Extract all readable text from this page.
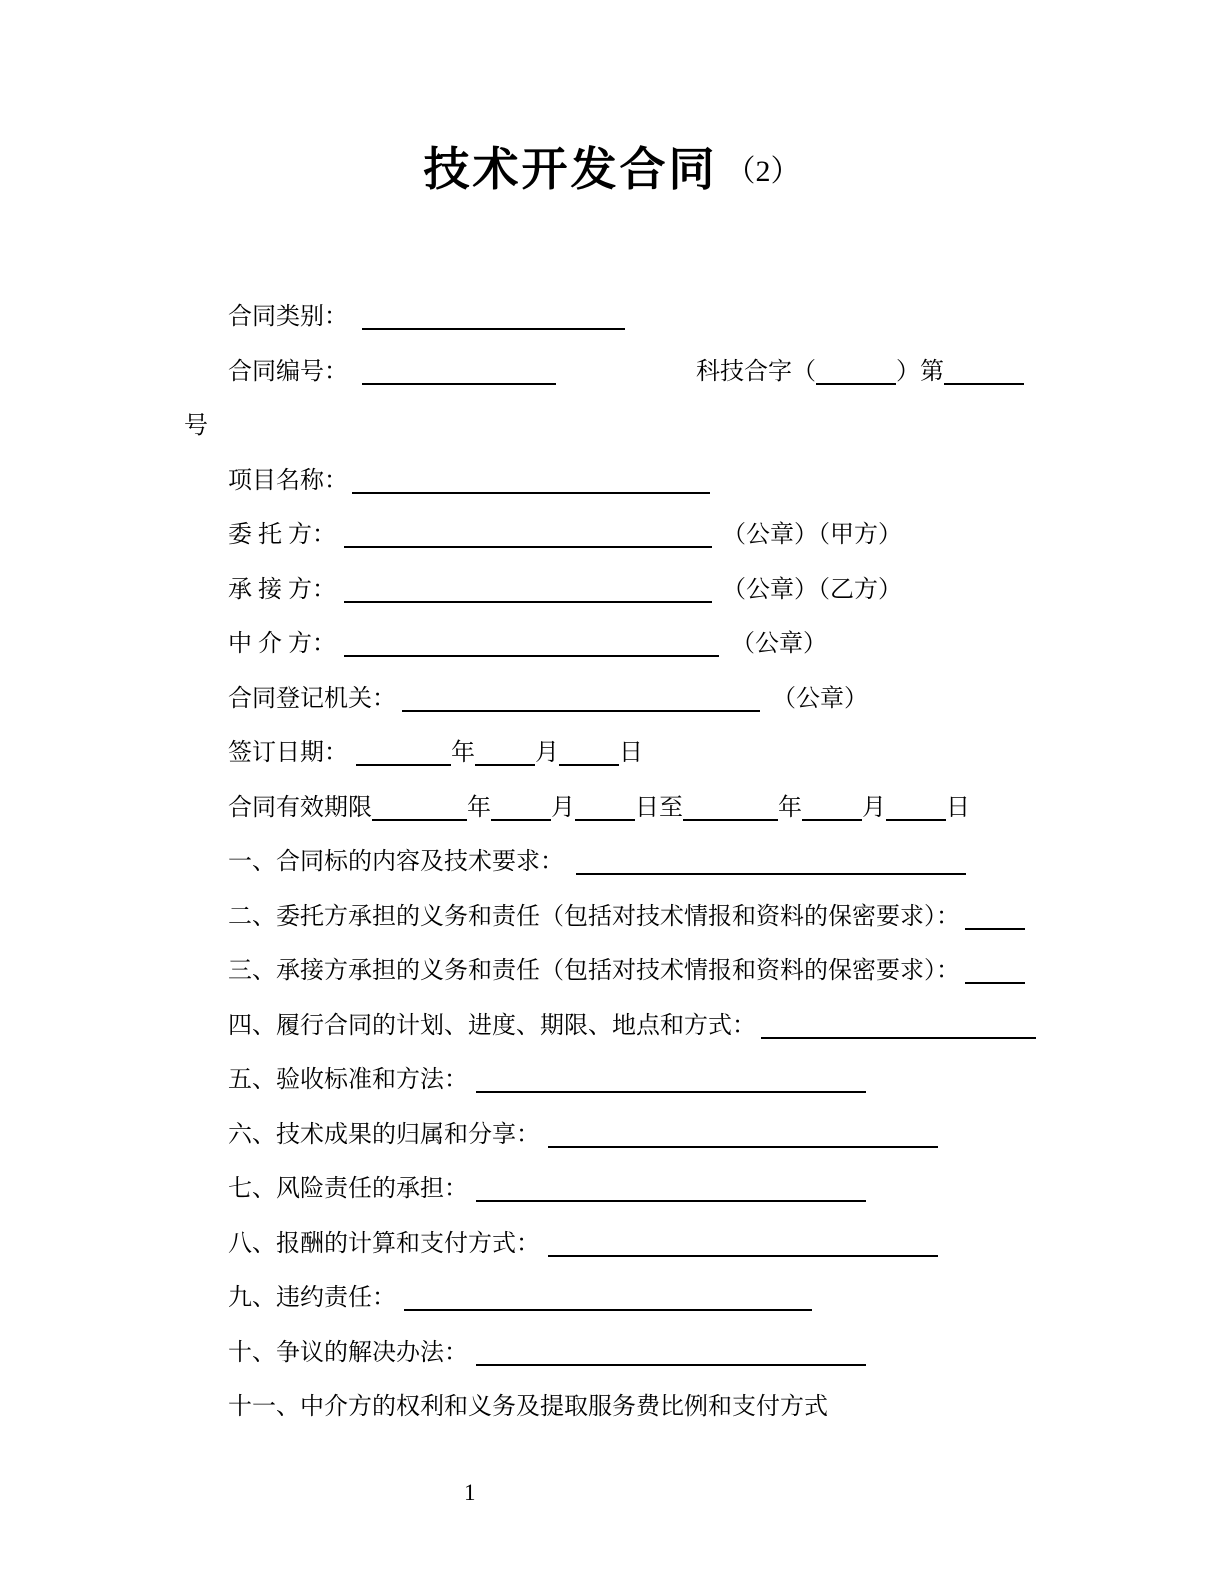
技术开发合同 （2）
合同类别：
合同编号：	科技合字（	）第
号
项目名称：
委 托 方：	（公章）（甲方）
承 接 方：	（公章）（乙方）
中 介 方：	（公章）
合同登记机关：	（公章）
签订日期：	年	月	日
合同有效期限	年	月	日至	年	月	日
一、合同标的内容及技术要求：
二、委托方承担的义务和责任（包括对技术情报和资料的保密要求）：
三、承接方承担的义务和责任（包括对技术情报和资料的保密要求）：
四、履行合同的计划、进度、期限、地点和方式：
五、验收标准和方法：
六、技术成果的归属和分享：
七、风险责任的承担：
八、报酬的计算和支付方式：
九、违约责任：
十、争议的解决办法：
十一、中介方的权利和义务及提取服务费比例和支付方式
1
